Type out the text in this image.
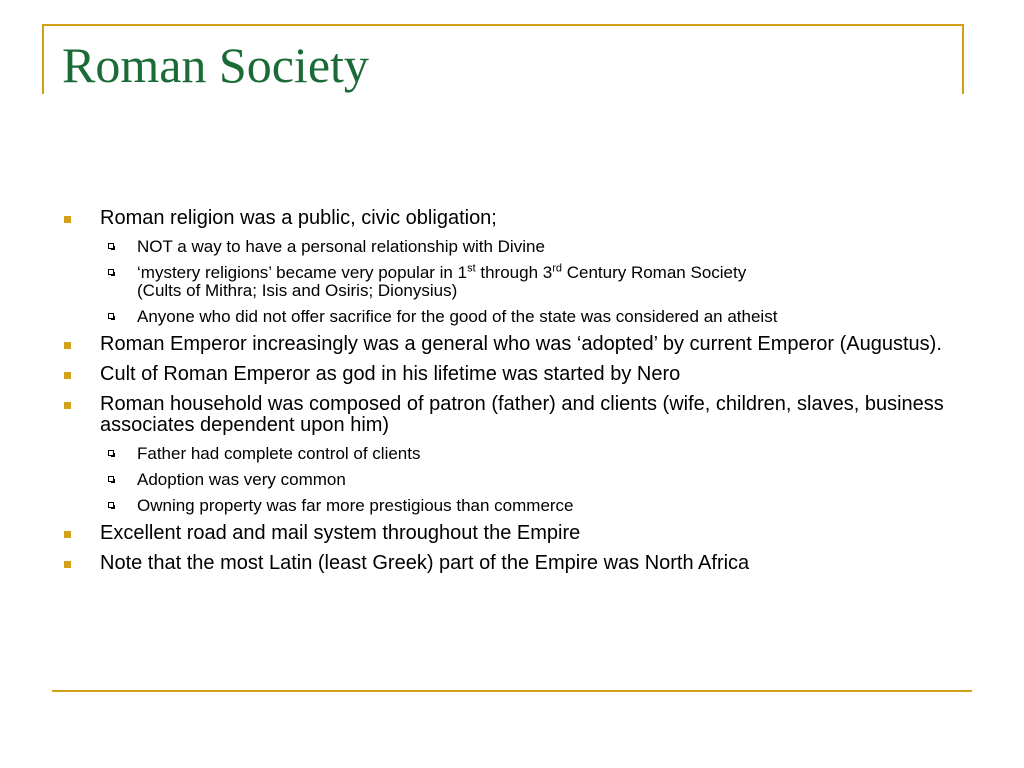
Roman Society
Roman religion was a public, civic obligation;
NOT a way to have a personal relationship with Divine
‘mystery religions’ became very popular in 1st through 3rd Century Roman Society
(Cults of Mithra; Isis and Osiris; Dionysius)
Anyone who did not offer sacrifice for the good of the state was considered an atheist
Roman Emperor increasingly was a general who was ‘adopted’ by current Emperor (Augustus).
Cult of Roman Emperor as god in his lifetime was started by Nero
Roman household was composed of patron (father) and clients (wife, children, slaves, business associates dependent upon him)
Father had complete control of clients
Adoption was very common
Owning property was far more prestigious than commerce
Excellent road and mail system throughout the Empire
Note that the most Latin (least Greek) part of the Empire was North Africa
